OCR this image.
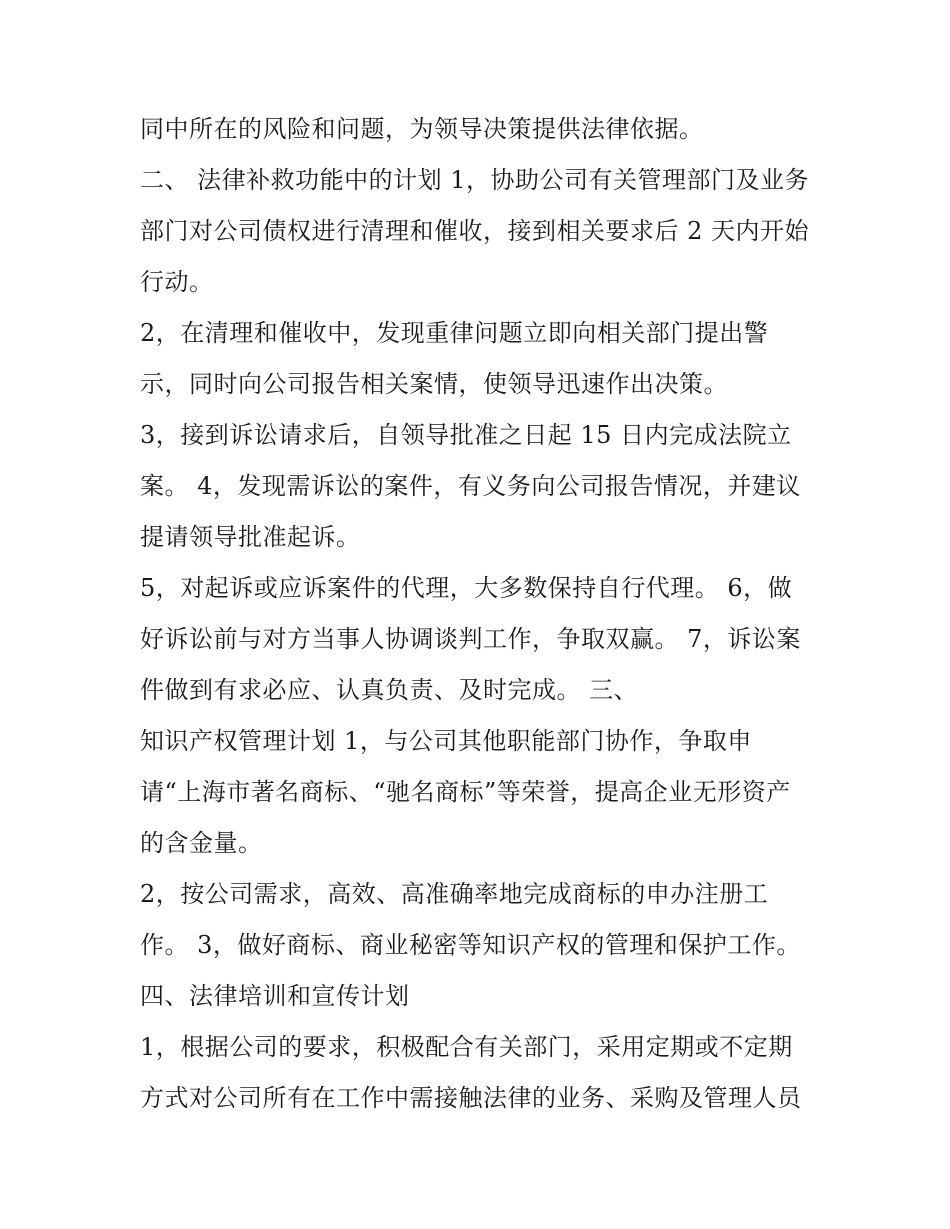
同中所在的风险和问题，为领导决策提供法律依据。
二、 法律补救功能中的计划 1，协助公司有关管理部门及业务
部门对公司债权进行清理和催收，接到相关要求后 2 天内开始
行动。
2，在清理和催收中，发现重律问题立即向相关部门提出警
示，同时向公司报告相关案情，使领导迅速作出决策。
3，接到诉讼请求后，自领导批准之日起 15 日内完成法院立
案。 4，发现需诉讼的案件，有义务向公司报告情况，并建议
提请领导批准起诉。
5，对起诉或应诉案件的代理，大多数保持自行代理。 6，做
好诉讼前与对方当事人协调谈判工作，争取双赢。 7，诉讼案
件做到有求必应、认真负责、及时完成。 三、
知识产权管理计划 1，与公司其他职能部门协作，争取申
请“上海市著名商标、“驰名商标”等荣誉，提高企业无形资产
的含金量。
2，按公司需求，高效、高准确率地完成商标的申办注册工
作。 3，做好商标、商业秘密等知识产权的管理和保护工作。
四、法律培训和宣传计划
1，根据公司的要求，积极配合有关部门，采用定期或不定期
方式对公司所有在工作中需接触法律的业务、采购及管理人员
